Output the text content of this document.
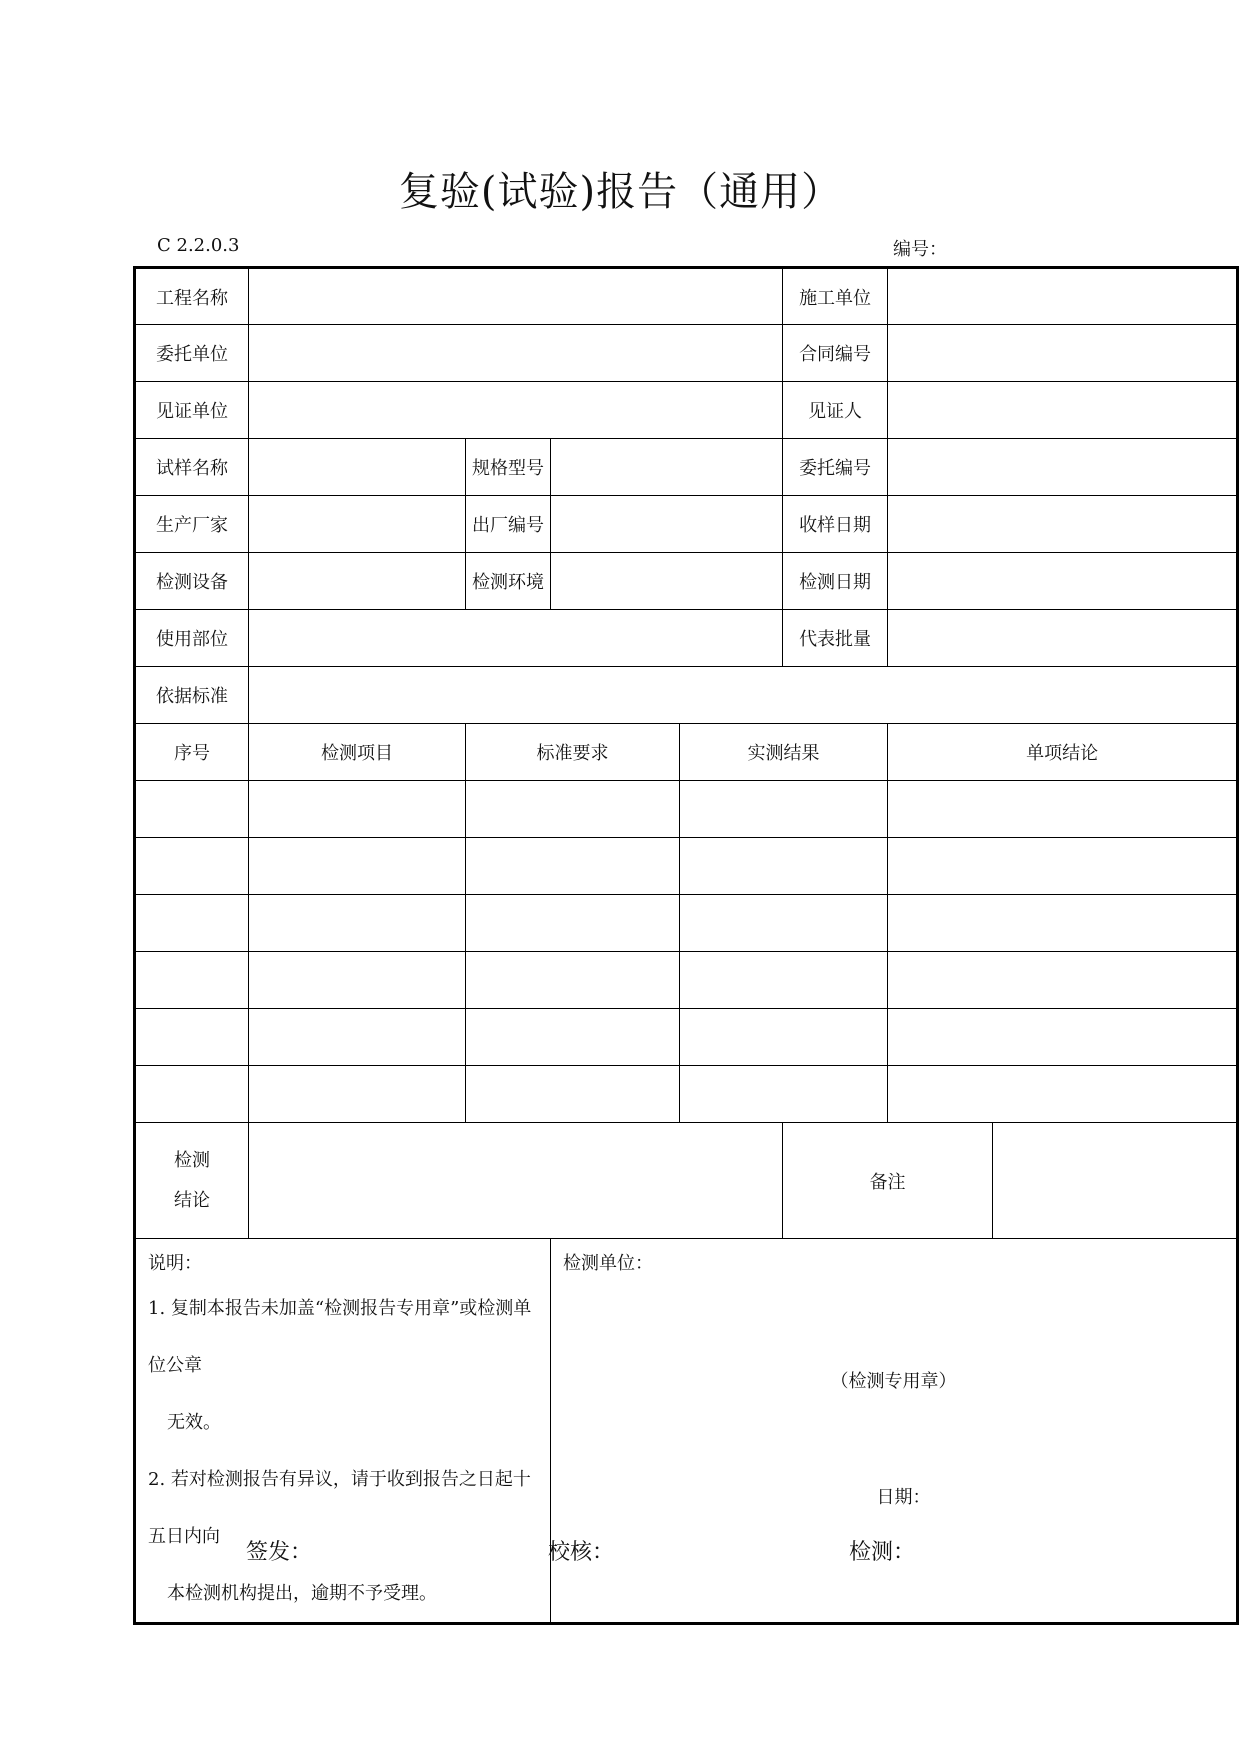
复验(试验)报告（通用）
C 2.2.0.3	编号：
工程名称					施工单位		
委托单位					合同编号		
见证单位					见证人		
试样名称		规格型号			委托编号		
生产厂家		出厂编号			收样日期		
检测设备		检测环境			检测日期		
使用部位					代表批量		
依据标准							
序号	检测项目	标准要求		实测结果		单项结论	

检测
结论					备注		

说明：
1. 复制本报告未加盖“检测报告专用章”或检测单位公章
无效。
2. 若对检测报告有异议，请于收到报告之日起十五日内向
本检测机构提出，逾期不予受理。			检测单位：
（检测专用章）
日期：				
签发：	校核：	检测：
